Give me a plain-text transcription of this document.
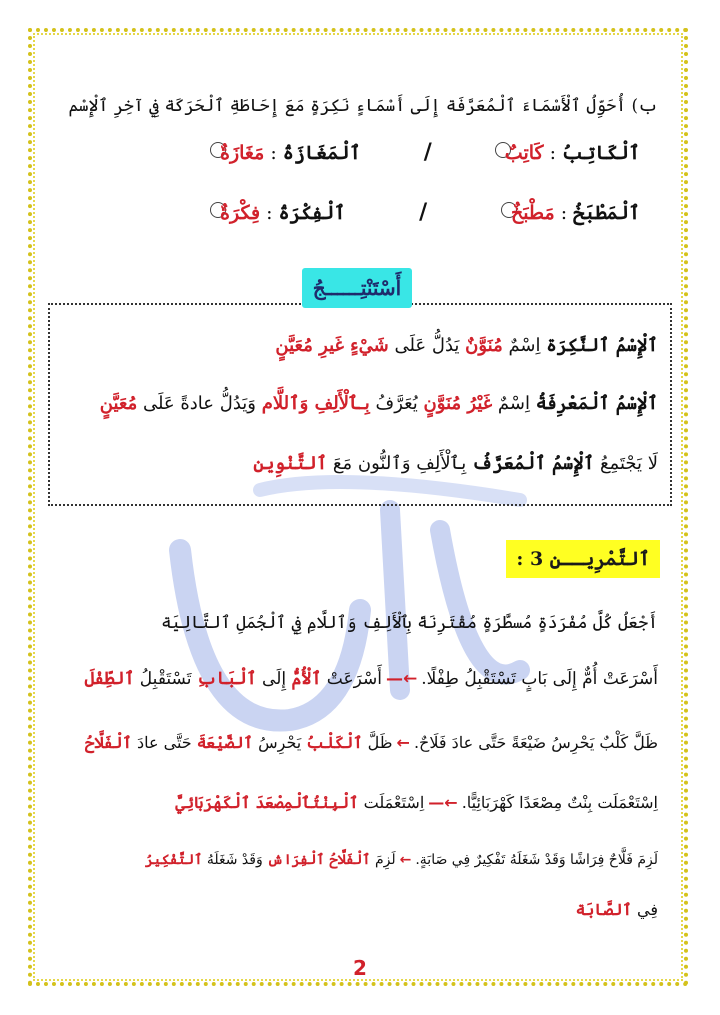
ب) أُحَوِّلُ ٱلْأَسْمَاءَ ٱلْمُعَرَّفَة إِلَى أَسْمَاءٍ نَكِرَةٍ مَعَ إِحَاطَةِ ٱلْحَرَكَة فِي آخِرِ ٱلْإِسْم
ٱلْكَاتِبُ : كَاتِبٌ
/
ٱلْمَغَازَةُ : مَغَازَةٌ
ٱلْمَطْبَخُ : مَطْبَخٌ
/
ٱلْفِكْرَةُ : فِكْرَةٌ
أَسْتَنْتِــــــجُ
ٱلْإِسْمُ ٱلنَّكِرَة اِسْمٌ مُنَوَّنٌ يَدُلُّ عَلَى شَيْءٍ غَيرِ مُعَيَّنٍ
ٱلْإِسْمُ ٱلْمَعْرِفَةُ اِسْمٌ غَيْرُ مُنَوَّنٍ يُعَرَّفُ بِـٱلْأَلِفِ وَٱللَّام وَيَدُلُّ عادةً عَلَى مُعَيَّنٍ
لَا يَجْتَمِعُ ٱلْإِسْمُ ٱلْمُعَرَّفُ بِٱلْأَلِفِ وَٱلنُّون مَعَ ٱلتَّنْوِين
ٱلتَّمْرِيــن 3 :
أَجْعَلُ كُلَّ مُفْرَدَةٍ مُسطَّرَةٍ مُقْتَرِنَةً بِٱلْأَلِفِ وَٱللَّامِ فِي ٱلْجُمَلِ ٱلتَّالِيَة
أَسْرَعَتْ أُمٌّ إِلَى بَابٍ تَسْتَقْبِلُ طِفْلًا.←—أَسْرَعَتْ ٱلْأُمُّ إِلَى ٱلْبَابِ تَسْتَقْبِلُ ٱلطِّفْلَ
ظَلَّ كَلْبٌ يَحْرِسُ ضَيْعَةً حَتَّى عادَ فَلَاحٌ.←ظَلَّ ٱلْكَلْبُ يَحْرِسُ ٱلضَّيْعَةَ حَتَّى عادَ ٱلْفَلَّاحُ
اِسْتَعْمَلَت بِنْتٌ مِصْعَدًا كَهْرَبَائِيًّا.←—اِسْتَعْمَلَت ٱلْبِنْتُٱلْمِصْعَدَ ٱلْكَهْرَبَائِيَّ
لَزِمَ فَلَّاحٌ فِرَاشًا وَقَدْ شَغَلَهُ تَفْكِيرٌ فِي صَابَةٍ.←لَزِمَ ٱلْفَلَّاحُ ٱلْفِرَاش وَقَدْ شَغَلَهُ ٱلتَّفْكِيرُ
فِي ٱلصَّابَة
2
